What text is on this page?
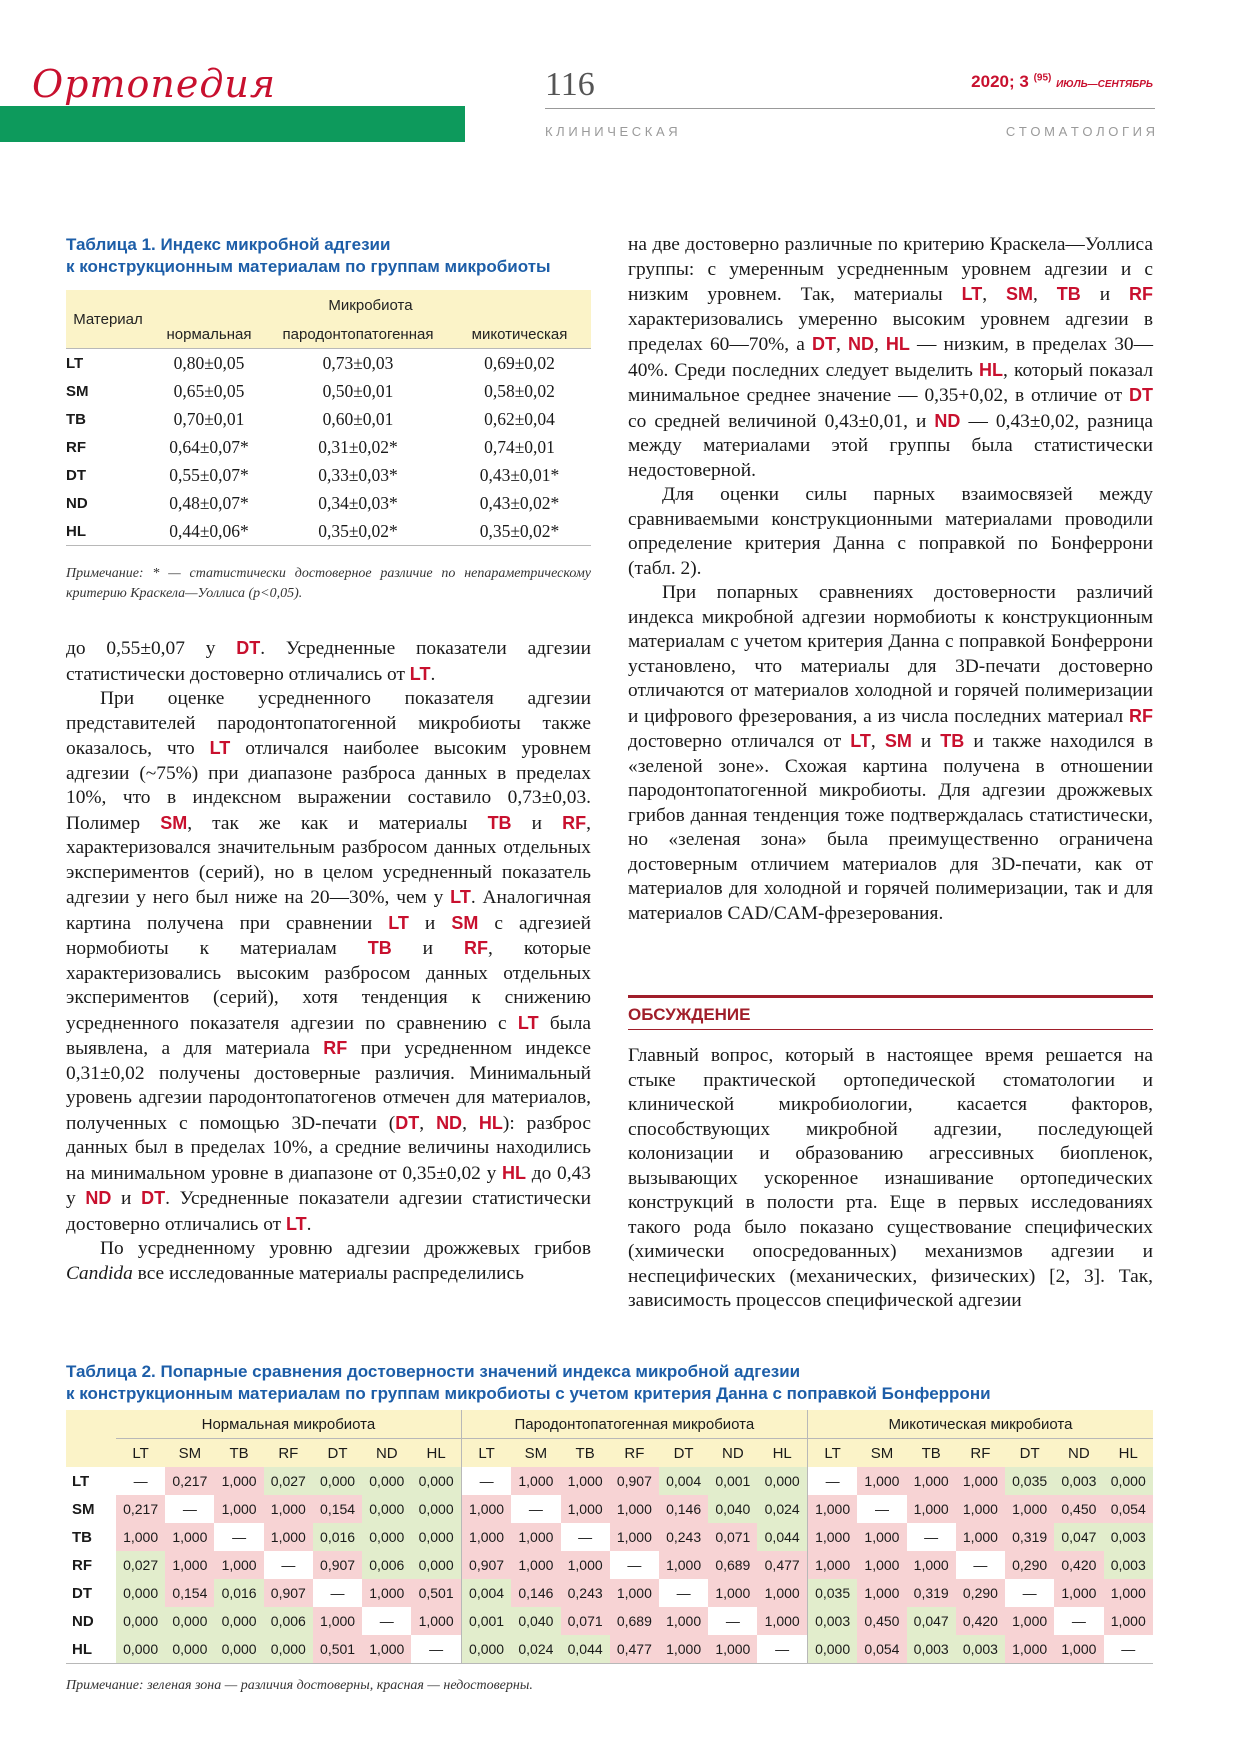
Ортопедия	116	2020; 3 $^{(95)}$ ИЮЛЬ—СЕНТЯБРЬ
К Л И Н И Ч Е С К А Я	С Т О М А Т О Л О Г И Я
Таблица 1. Индекс микробной адгезии
к конструкционным материалам по группам микробиоты
Материал	Микробиота		
	нормальная	пародонтопатогенная	микотическая
LT	0,80±0,05	0,73±0,03	0,69±0,02
SM	0,65±0,05	0,50±0,01	0,58±0,02
TB	0,70±0,01	0,60±0,01	0,62±0,04
RF	0,64±0,07*	0,31±0,02*	0,74±0,01
DT	0,55±0,07*	0,33±0,03*	0,43±0,01*
ND	0,48±0,07*	0,34±0,03*	0,43±0,02*
HL	0,44±0,06*	0,35±0,02*	0,35±0,02*
Примечание: * — статистически достоверное различие по непараметрическому критерию Краскела—Уоллиса (p<0,05).

до 0,55±0,07 у DT. Усредненные показатели адгезии статистически достоверно отличались от LT.

При оценке усредненного показателя адгезии представителей пародонтопатогенной микробиоты также оказалось, что LT отличался наиболее высоким уровнем адгезии (~75%) при диапазоне разброса данных в пределах 10%, что в индексном выражении составило 0,73±0,03. Полимер SM, так же как и материалы TB и RF, характеризовался значительным разбросом данных отдельных экспериментов (серий), но в целом усредненный показатель адгезии у него был ниже на 20—30%, чем у LT. Аналогичная картина получена при сравнении LT и SM с адгезией нормобиоты к материалам TB и RF, которые характеризовались высоким разбросом данных отдельных экспериментов (серий), хотя тенденция к снижению усредненного показателя адгезии по сравнению с LT была выявлена, а для материала RF при усредненном индексе 0,31±0,02 получены достоверные различия. Минимальный уровень адгезии пародонтопатогенов отмечен для материалов, полученных с помощью 3D-печати (DT, ND, HL): разброс данных был в пределах 10%, а средние величины находились на минимальном уровне в диапазоне от 0,35±0,02 у HL до 0,43 у ND и DT. Усредненные показатели адгезии статистически достоверно отличались от LT.

По усредненному уровню адгезии дрожжевых грибов Candida все исследованные материалы распределились

на две достоверно различные по критерию Краскела—Уоллиса группы: с умеренным усредненным уровнем адгезии и с низким уровнем. Так, материалы LT, SM, TB и RF характеризовались умеренно высоким уровнем адгезии в пределах 60—70%, а DT, ND, HL — низким, в пределах 30—40%. Среди последних следует выделить HL, который показал минимальное среднее значение — 0,35+0,02, в отличие от DT со средней величиной 0,43±0,01, и ND — 0,43±0,02, разница между материалами этой группы была статистически недостоверной.

Для оценки силы парных взаимосвязей между сравниваемыми конструкционными материалами проводили определение критерия Данна с поправкой по Бонферрони (табл. 2).

При попарных сравнениях достоверности различий индекса микробной адгезии нормобиоты к конструкционным материалам с учетом критерия Данна с поправкой Бонферрони установлено, что материалы для 3D-печати достоверно отличаются от материалов холодной и горячей полимеризации и цифрового фрезерования, а из числа последних материал RF достоверно отличался от LT, SM и TB и также находился в «зеленой зоне». Схожая картина получена в отношении пародонтопатогенной микробиоты. Для адгезии дрожжевых грибов данная тенденция тоже подтверждалась статистически, но «зеленая зона» была преимущественно ограничена достоверным отличием материалов для 3D-печати, как от материалов для холодной и горячей полимеризации, так и для материалов CAD/CAM-фрезерования.

ОБСУЖДЕНИЕ

Главный вопрос, который в настоящее время решается на стыке практической ортопедической стоматологии и клинической микробиологии, касается факторов, способствующих микробной адгезии, последующей колонизации и образованию агрессивных биопленок, вызывающих ускоренное изнашивание ортопедических конструкций в полости рта. Еще в первых исследованиях такого рода было показано существование специфических (химически опосредованных) механизмов адгезии и неспецифических (механических, физических) [2, 3]. Так, зависимость процессов специфической адгезии

Таблица 2. Попарные сравнения достоверности значений индекса микробной адгезии
к конструкционным материалам по группам микробиоты с учетом критерия Данна с поправкой Бонферрони
	Нормальная микробиота							Пародонтопатогенная микробиота							Микотическая микробиота						
	LT	SM	TB	RF	DT	ND	HL	LT	SM	TB	RF	DT	ND	HL	LT	SM	TB	RF	DT	ND	HL
LT	—	0,217	1,000	0,027	0,000	0,000	0,000	—	1,000	1,000	0,907	0,004	0,001	0,000	—	1,000	1,000	1,000	0,035	0,003	0,000
SM	0,217	—	1,000	1,000	0,154	0,000	0,000	1,000	—	1,000	1,000	0,146	0,040	0,024	1,000	—	1,000	1,000	1,000	0,450	0,054
TB	1,000	1,000	—	1,000	0,016	0,000	0,000	1,000	1,000	—	1,000	0,243	0,071	0,044	1,000	1,000	—	1,000	0,319	0,047	0,003
RF	0,027	1,000	1,000	—	0,907	0,006	0,000	0,907	1,000	1,000	—	1,000	0,689	0,477	1,000	1,000	1,000	—	0,290	0,420	0,003
DT	0,000	0,154	0,016	0,907	—	1,000	0,501	0,004	0,146	0,243	1,000	—	1,000	1,000	0,035	1,000	0,319	0,290	—	1,000	1,000
ND	0,000	0,000	0,000	0,006	1,000	—	1,000	0,001	0,040	0,071	0,689	1,000	—	1,000	0,003	0,450	0,047	0,420	1,000	—	1,000
HL	0,000	0,000	0,000	0,000	0,501	1,000	—	0,000	0,024	0,044	0,477	1,000	1,000	—	0,000	0,054	0,003	0,003	1,000	1,000	—
Примечание: зеленая зона — различия достоверны, красная — недостоверны.
